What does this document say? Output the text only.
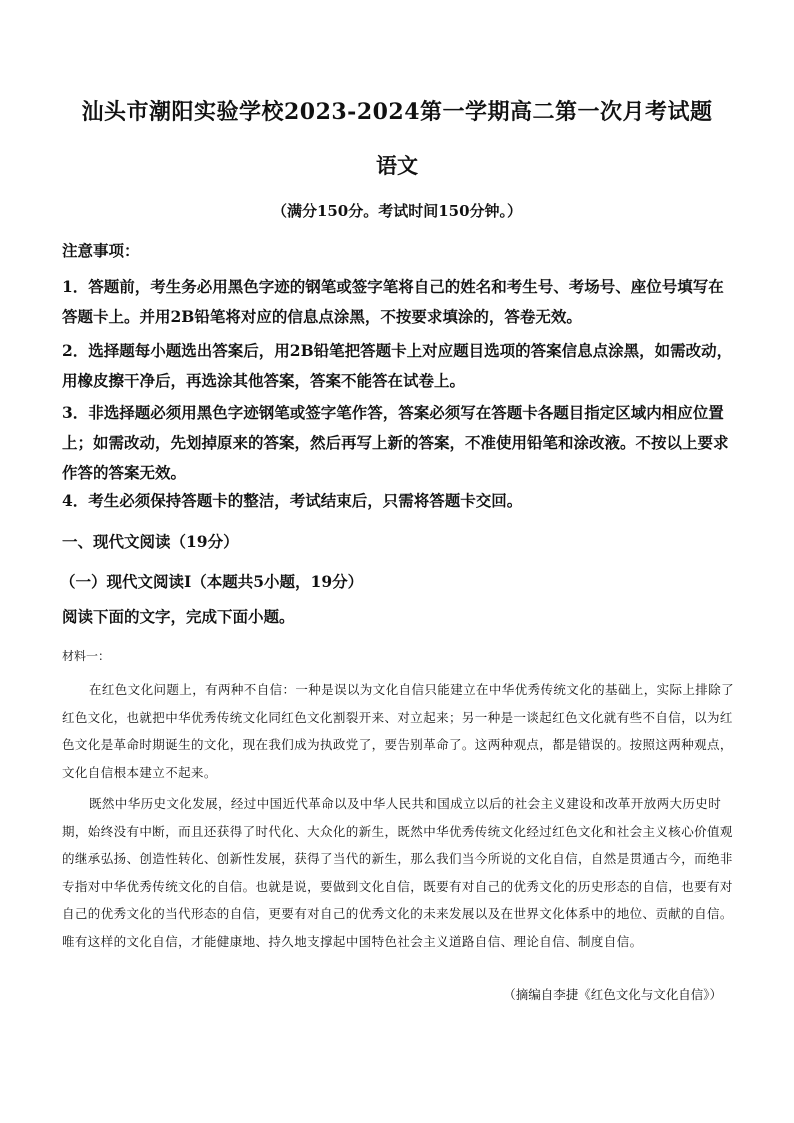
汕头市潮阳实验学校2023-2024第一学期高二第一次月考试题
语文
（满分150分。考试时间150分钟。）
注意事项：
1．答题前，考生务必用黑色字迹的钢笔或签字笔将自己的姓名和考生号、考场号、座位号填写在答题卡上。并用2B铅笔将对应的信息点涂黑，不按要求填涂的，答卷无效。
2．选择题每小题选出答案后，用2B铅笔把答题卡上对应题目选项的答案信息点涂黑，如需改动，用橡皮擦干净后，再选涂其他答案，答案不能答在试卷上。
3．非选择题必须用黑色字迹钢笔或签字笔作答，答案必须写在答题卡各题目指定区域内相应位置上；如需改动，先划掉原来的答案，然后再写上新的答案，不准使用铅笔和涂改液。不按以上要求作答的答案无效。
4．考生必须保持答题卡的整洁，考试结束后，只需将答题卡交回。
一、现代文阅读（19分）
（一）现代文阅读Ⅰ（本题共5小题，19分）
阅读下面的文字，完成下面小题。
材料一：
在红色文化问题上，有两种不自信：一种是误以为文化自信只能建立在中华优秀传统文化的基础上，实际上排除了红色文化，也就把中华优秀传统文化同红色文化割裂开来、对立起来；另一种是一谈起红色文化就有些不自信，以为红色文化是革命时期诞生的文化，现在我们成为执政党了，要告别革命了。这两种观点，都是错误的。按照这两种观点，文化自信根本建立不起来。
既然中华历史文化发展，经过中国近代革命以及中华人民共和国成立以后的社会主义建设和改革开放两大历史时期，始终没有中断，而且还获得了时代化、大众化的新生，既然中华优秀传统文化经过红色文化和社会主义核心价值观的继承弘扬、创造性转化、创新性发展，获得了当代的新生，那么我们当今所说的文化自信，自然是贯通古今，而绝非专指对中华优秀传统文化的自信。也就是说，要做到文化自信，既要有对自己的优秀文化的历史形态的自信，也要有对自己的优秀文化的当代形态的自信，更要有对自己的优秀文化的未来发展以及在世界文化体系中的地位、贡献的自信。唯有这样的文化自信，才能健康地、持久地支撑起中国特色社会主义道路自信、理论自信、制度自信。
（摘编自李捷《红色文化与文化自信》）
